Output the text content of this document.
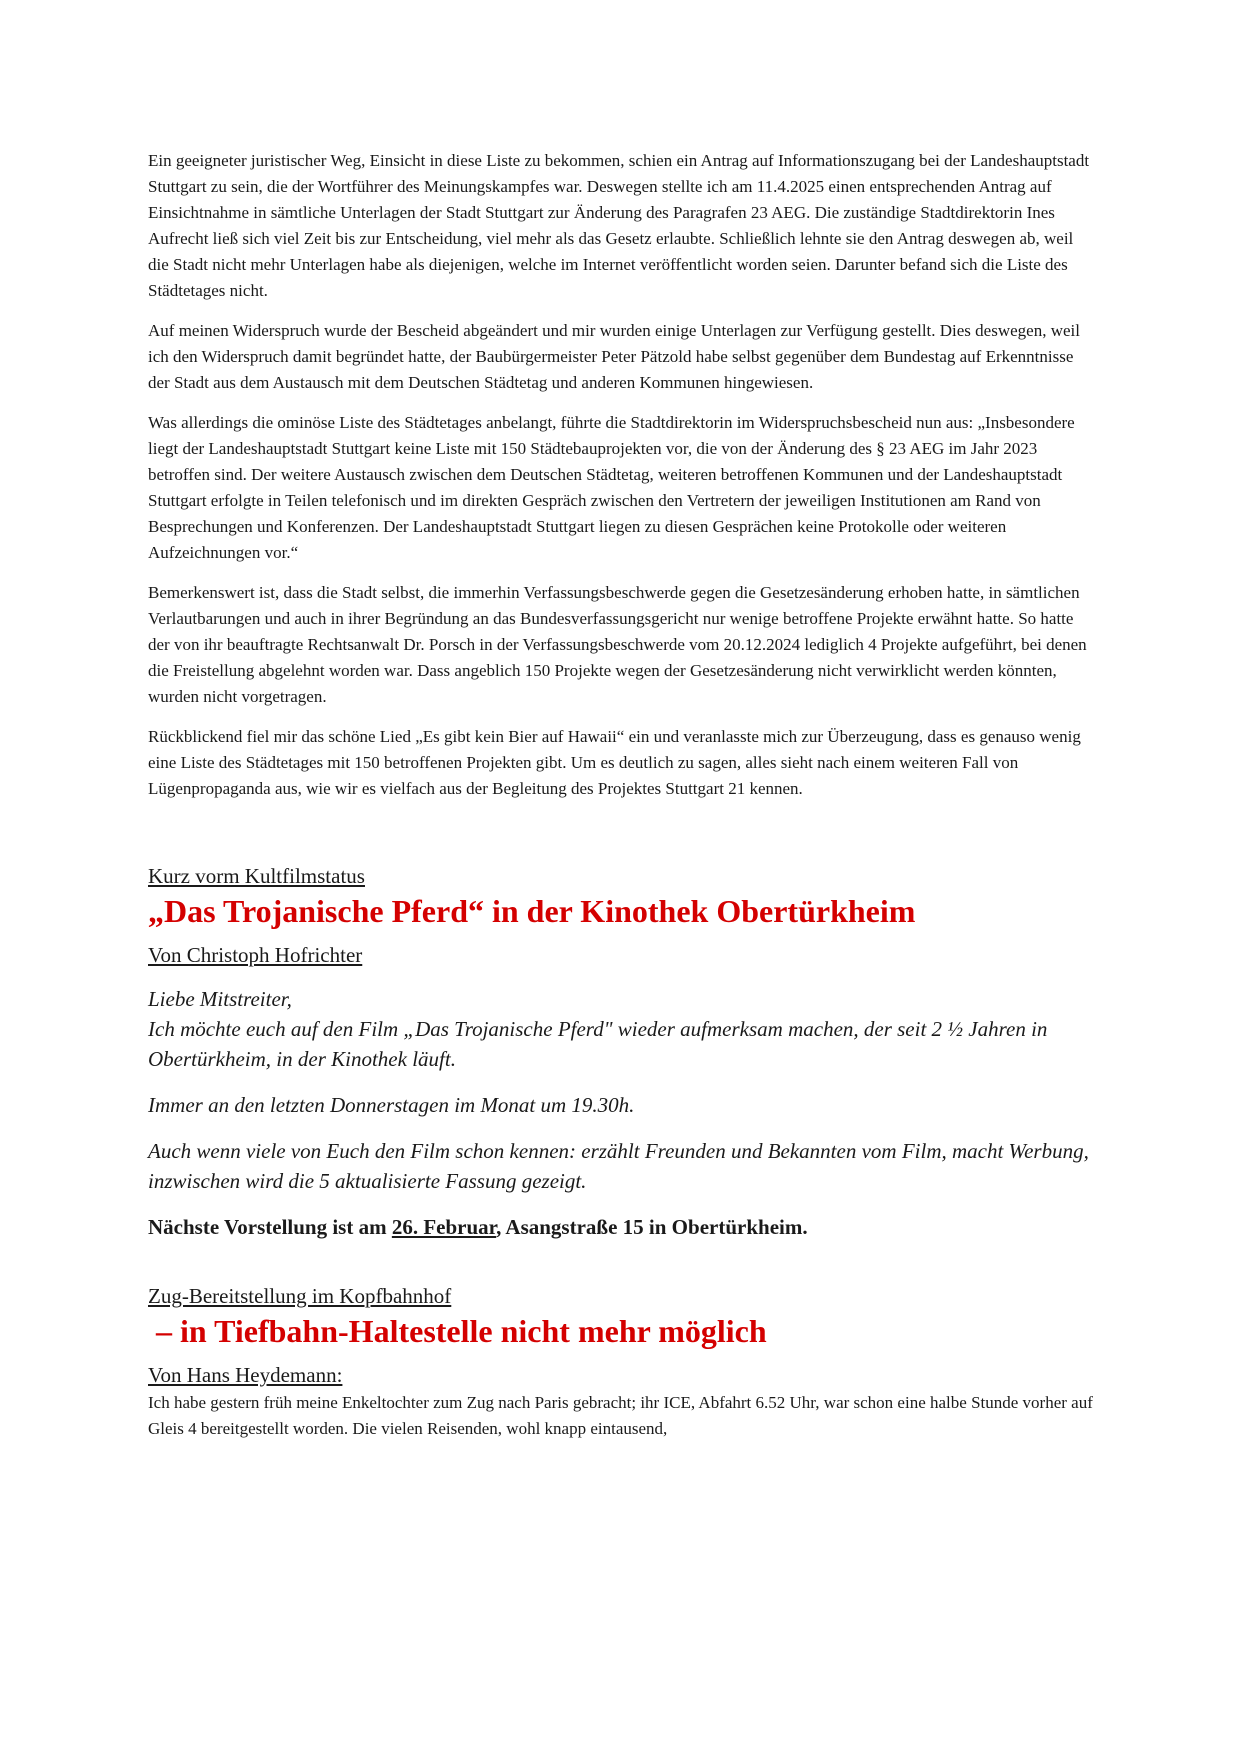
Ein geeigneter juristischer Weg, Einsicht in diese Liste zu bekommen, schien ein Antrag auf Informationszugang bei der Landeshauptstadt Stuttgart zu sein, die der Wortführer des Meinungskampfes war. Deswegen stellte ich am 11.4.2025 einen entsprechenden Antrag auf Einsichtnahme in sämtliche Unterlagen der Stadt Stuttgart zur Änderung des Paragrafen 23 AEG. Die zuständige Stadtdirektorin Ines Aufrecht ließ sich viel Zeit bis zur Entscheidung, viel mehr als das Gesetz erlaubte. Schließlich lehnte sie den Antrag deswegen ab, weil die Stadt nicht mehr Unterlagen habe als diejenigen, welche im Internet veröffentlicht worden seien. Darunter befand sich die Liste des Städtetages nicht.

Auf meinen Widerspruch wurde der Bescheid abgeändert und mir wurden einige Unterlagen zur Verfügung gestellt. Dies deswegen, weil ich den Widerspruch damit begründet hatte, der Baubürgermeister Peter Pätzold habe selbst gegenüber dem Bundestag auf Erkenntnisse der Stadt aus dem Austausch mit dem Deutschen Städtetag und anderen Kommunen hingewiesen.

Was allerdings die ominöse Liste des Städtetages anbelangt, führte die Stadtdirektorin im Widerspruchsbescheid nun aus: „Insbesondere liegt der Landeshauptstadt Stuttgart keine Liste mit 150 Städtebauprojekten vor, die von der Änderung des § 23 AEG im Jahr 2023 betroffen sind. Der weitere Austausch zwischen dem Deutschen Städtetag, weiteren betroffenen Kommunen und der Landeshauptstadt Stuttgart erfolgte in Teilen telefonisch und im direkten Gespräch zwischen den Vertretern der jeweiligen Institutionen am Rand von Besprechungen und Konferenzen. Der Landeshauptstadt Stuttgart liegen zu diesen Gesprächen keine Protokolle oder weiteren Aufzeichnungen vor.“

Bemerkenswert ist, dass die Stadt selbst, die immerhin Verfassungsbeschwerde gegen die Gesetzesänderung erhoben hatte, in sämtlichen Verlautbarungen und auch in ihrer Begründung an das Bundesverfassungsgericht nur wenige betroffene Projekte erwähnt hatte. So hatte der von ihr beauftragte Rechtsanwalt Dr. Porsch in der Verfassungsbeschwerde vom 20.12.2024 lediglich 4 Projekte aufgeführt, bei denen die Freistellung abgelehnt worden war. Dass angeblich 150 Projekte wegen der Gesetzesänderung nicht verwirklicht werden könnten, wurden nicht vorgetragen.

Rückblickend fiel mir das schöne Lied „Es gibt kein Bier auf Hawaii“ ein und veranlasste mich zur Überzeugung, dass es genauso wenig eine Liste des Städtetages mit 150 betroffenen Projekten gibt. Um es deutlich zu sagen, alles sieht nach einem weiteren Fall von Lügenpropaganda aus, wie wir es vielfach aus der Begleitung des Projektes Stuttgart 21 kennen.

Kurz vorm Kultfilmstatus

„Das Trojanische Pferd“ in der Kinothek Obertürkheim

Von Christoph Hofrichter

Liebe Mitstreiter,

Ich möchte euch auf den Film „Das Trojanische Pferd" wieder aufmerksam machen, der seit 2 ½ Jahren in Obertürkheim, in der Kinothek läuft.

Immer an den letzten Donnerstagen im Monat um 19.30h.

Auch wenn viele von Euch den Film schon kennen: erzählt Freunden und Bekannten vom Film, macht Werbung, inzwischen wird die 5 aktualisierte Fassung gezeigt.

Nächste Vorstellung ist am 26. Februar, Asangstraße 15 in Obertürkheim.

Zug-Bereitstellung im Kopfbahnhof

– in Tiefbahn-Haltestelle nicht mehr möglich

Von Hans Heydemann:

Ich habe gestern früh meine Enkeltochter zum Zug nach Paris gebracht; ihr ICE, Abfahrt 6.52 Uhr, war schon eine halbe Stunde vorher auf Gleis 4 bereitgestellt worden. Die vielen Reisenden, wohl knapp eintausend,
